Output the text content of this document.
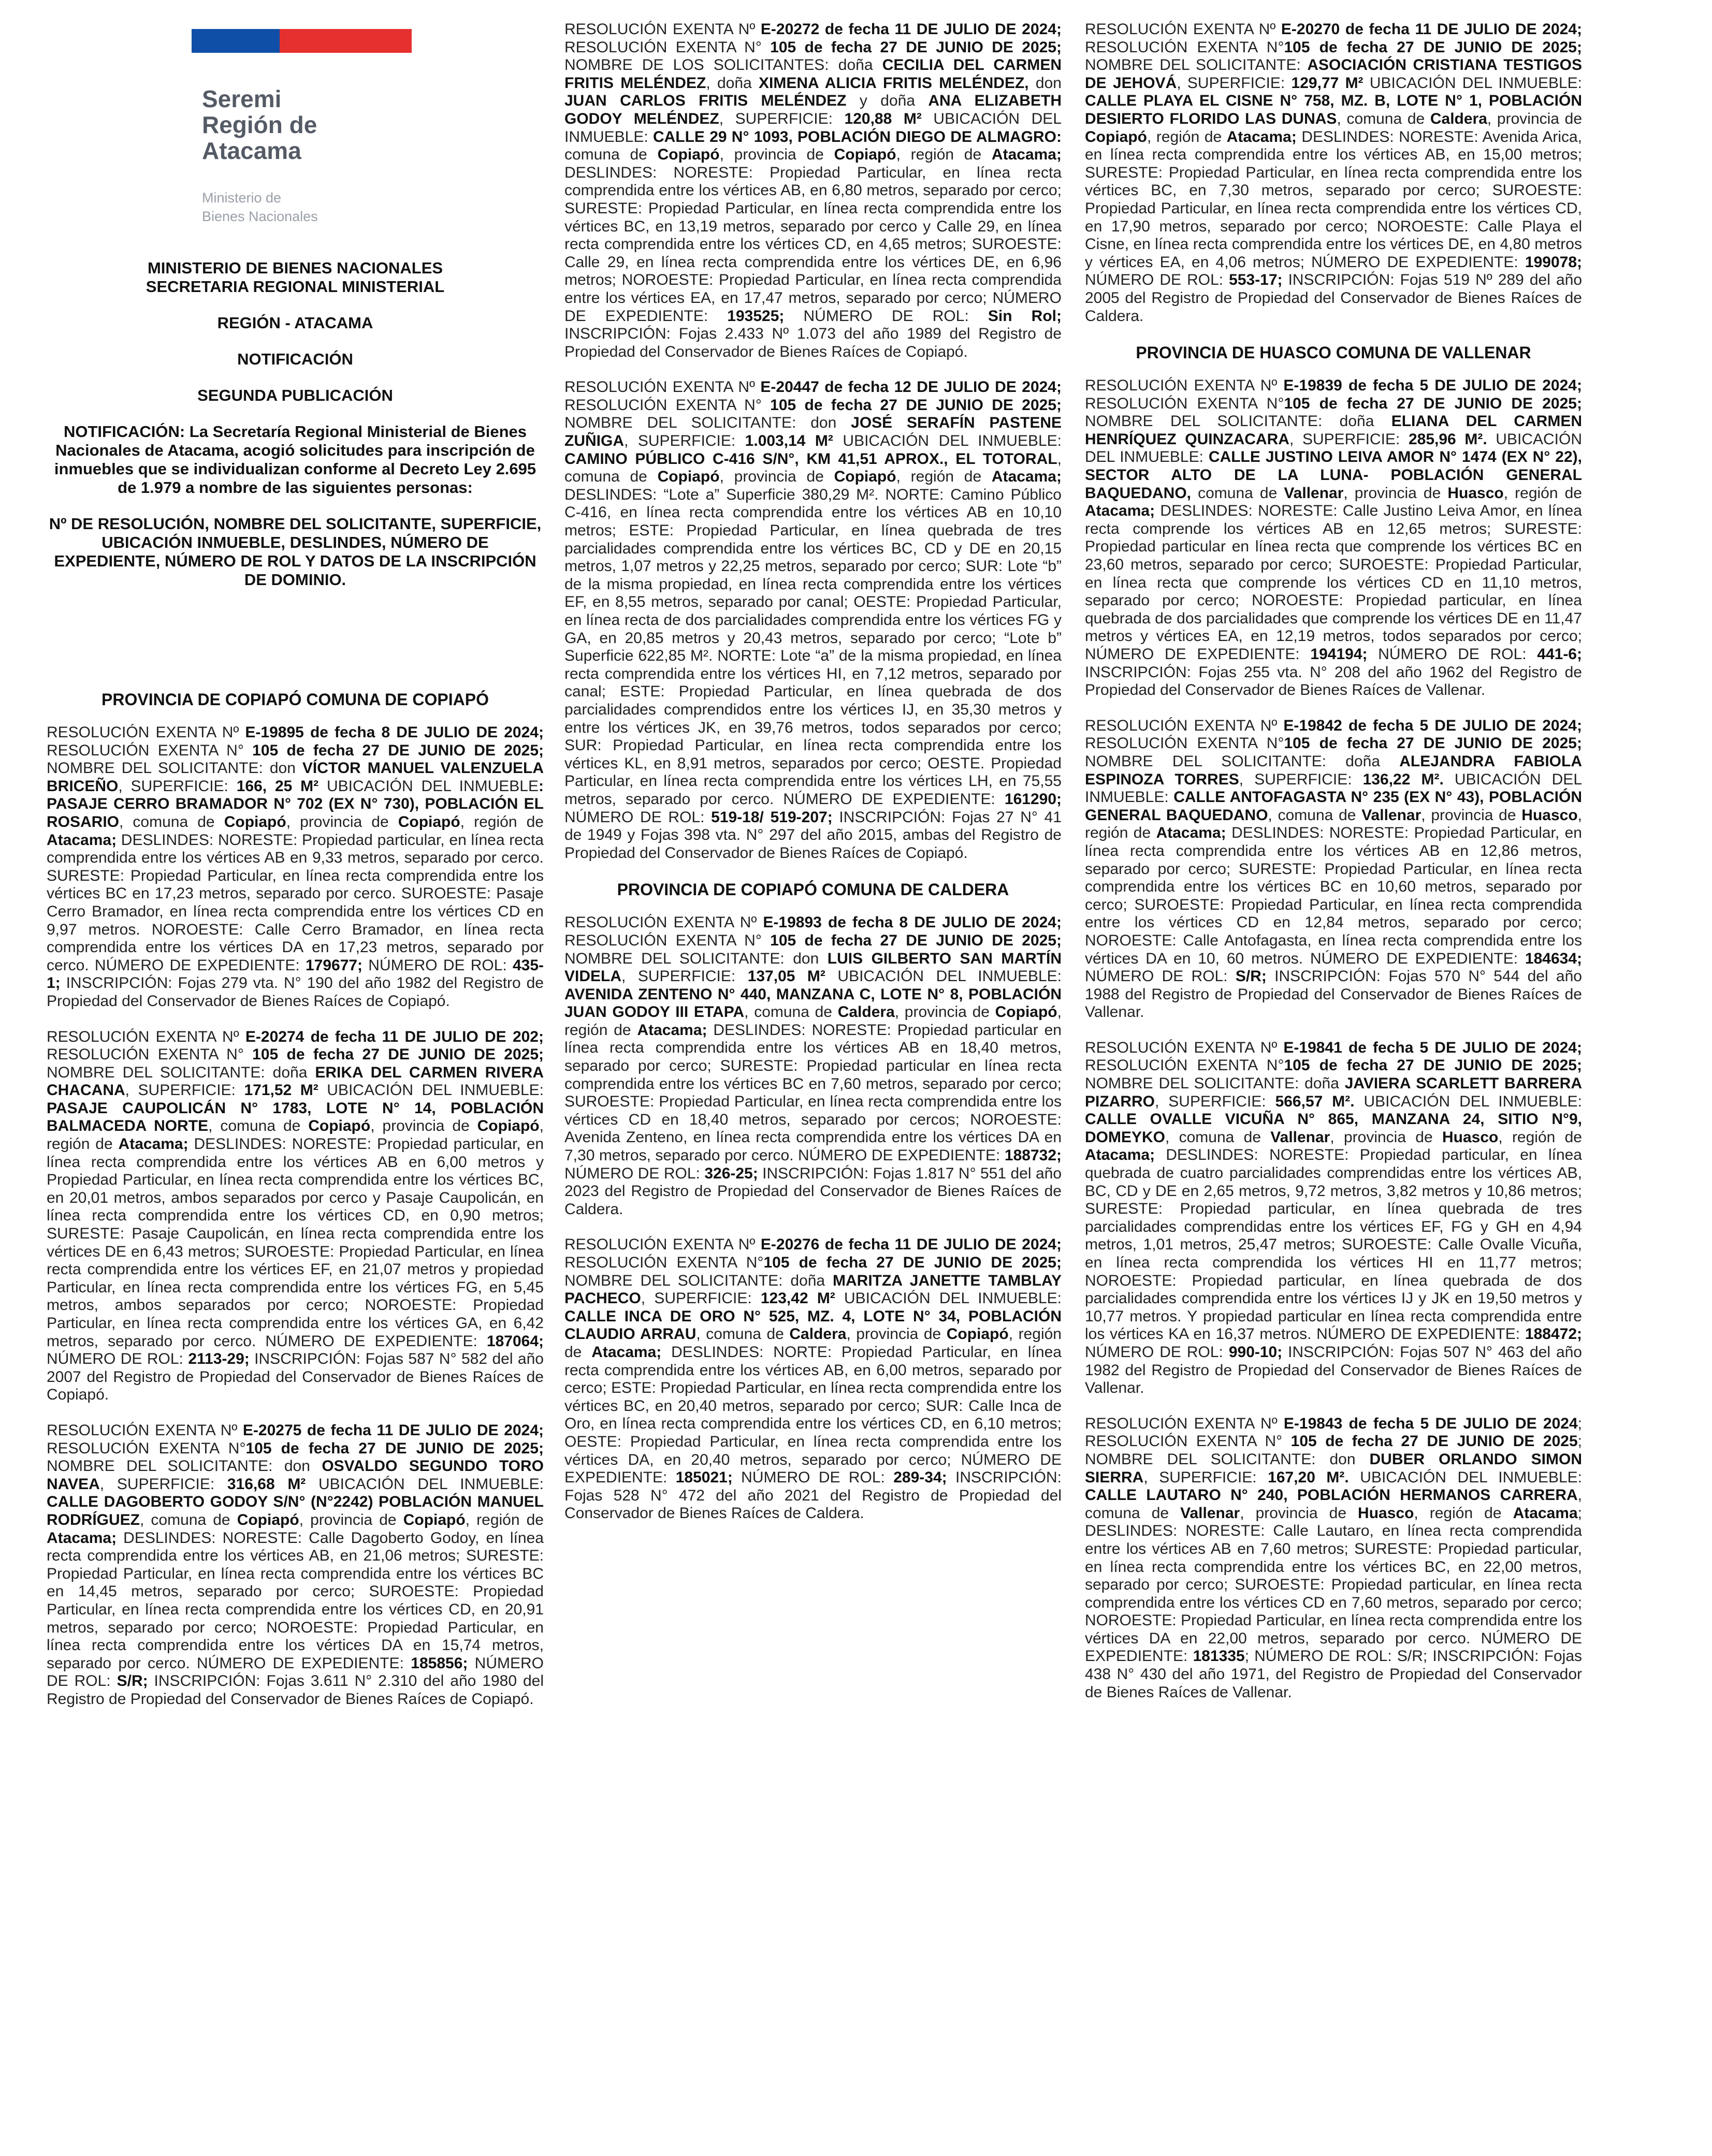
Seremi
Región de
Atacama
Ministerio de
Bienes Nacionales
MINISTERIO DE BIENES NACIONALES
SECRETARIA REGIONAL MINISTERIAL
REGIÓN - ATACAMA
NOTIFICACIÓN
SEGUNDA PUBLICACIÓN
NOTIFICACIÓN: La Secretaría Regional Ministerial de Bienes Nacionales de Atacama, acogió solicitudes para inscripción de inmuebles que se individualizan conforme al Decreto Ley 2.695 de 1.979 a nombre de las siguientes personas:
Nº DE RESOLUCIÓN, NOMBRE DEL SOLICITANTE, SUPERFICIE, UBICACIÓN INMUEBLE, DESLINDES, NÚMERO DE EXPEDIENTE, NÚMERO DE ROL Y DATOS DE LA INSCRIPCIÓN DE DOMINIO.
PROVINCIA DE COPIAPÓ COMUNA DE COPIAPÓ

RESOLUCIÓN EXENTA Nº E-19895 de fecha 8 DE JULIO DE 2024; RESOLUCIÓN EXENTA N° 105 de fecha 27 DE JUNIO DE 2025; NOMBRE DEL SOLICITANTE: don VÍCTOR MANUEL VALENZUELA BRICEÑO, SUPERFICIE: 166, 25 M² UBICACIÓN DEL INMUEBLE: PASAJE CERRO BRAMADOR N° 702 (EX N° 730), POBLACIÓN EL ROSARIO, comuna de Copiapó, provincia de Copiapó, región de Atacama; DESLINDES: NORESTE: Propiedad particular, en línea recta comprendida entre los vértices AB en 9,33 metros, separado por cerco. SURESTE: Propiedad Particular, en línea recta comprendida entre los vértices BC en 17,23 metros, separado por cerco. SUROESTE: Pasaje Cerro Bramador, en línea recta comprendida entre los vértices CD en 9,97 metros. NOROESTE: Calle Cerro Bramador, en línea recta comprendida entre los vértices DA en 17,23 metros, separado por cerco. NÚMERO DE EXPEDIENTE: 179677; NÚMERO DE ROL: 435-1; INSCRIPCIÓN: Fojas 279 vta. N° 190 del año 1982 del Registro de Propiedad del Conservador de Bienes Raíces de Copiapó.

RESOLUCIÓN EXENTA Nº E-20274 de fecha 11 DE JULIO DE 202; RESOLUCIÓN EXENTA N° 105 de fecha 27 DE JUNIO DE 2025; NOMBRE DEL SOLICITANTE: doña ERIKA DEL CARMEN RIVERA CHACANA, SUPERFICIE: 171,52 M² UBICACIÓN DEL INMUEBLE: PASAJE CAUPOLICÁN N° 1783, LOTE N° 14, POBLACIÓN BALMACEDA NORTE, comuna de Copiapó, provincia de Copiapó, región de Atacama; DESLINDES: NORESTE: Propiedad particular, en línea recta comprendida entre los vértices AB en 6,00 metros y Propiedad Particular, en línea recta comprendida entre los vértices BC, en 20,01 metros, ambos separados por cerco y Pasaje Caupolicán, en línea recta comprendida entre los vértices CD, en 0,90 metros; SURESTE: Pasaje Caupolicán, en línea recta comprendida entre los vértices DE en 6,43 metros; SUROESTE: Propiedad Particular, en línea recta comprendida entre los vértices EF, en 21,07 metros y propiedad Particular, en línea recta comprendida entre los vértices FG, en 5,45 metros, ambos separados por cerco; NOROESTE: Propiedad Particular, en línea recta comprendida entre los vértices GA, en 6,42 metros, separado por cerco. NÚMERO DE EXPEDIENTE: 187064; NÚMERO DE ROL: 2113-29; INSCRIPCIÓN: Fojas 587 N° 582 del año 2007 del Registro de Propiedad del Conservador de Bienes Raíces de Copiapó.

RESOLUCIÓN EXENTA Nº E-20275 de fecha 11 DE JULIO DE 2024; RESOLUCIÓN EXENTA N°105 de fecha 27 DE JUNIO DE 2025; NOMBRE DEL SOLICITANTE: don OSVALDO SEGUNDO TORO NAVEA, SUPERFICIE: 316,68 M² UBICACIÓN DEL INMUEBLE: CALLE DAGOBERTO GODOY S/N° (N°2242) POBLACIÓN MANUEL RODRÍGUEZ, comuna de Copiapó, provincia de Copiapó, región de Atacama; DESLINDES: NORESTE: Calle Dagoberto Godoy, en línea recta comprendida entre los vértices AB, en 21,06 metros; SURESTE: Propiedad Particular, en línea recta comprendida entre los vértices BC en 14,45 metros, separado por cerco; SUROESTE: Propiedad Particular, en línea recta comprendida entre los vértices CD, en 20,91 metros, separado por cerco; NOROESTE: Propiedad Particular, en línea recta comprendida entre los vértices DA en 15,74 metros, separado por cerco. NÚMERO DE EXPEDIENTE: 185856; NÚMERO DE ROL: S/R; INSCRIPCIÓN: Fojas 3.611 N° 2.310 del año 1980 del Registro de Propiedad del Conservador de Bienes Raíces de Copiapó.

RESOLUCIÓN EXENTA Nº E-20272 de fecha 11 DE JULIO DE 2024; RESOLUCIÓN EXENTA N° 105 de fecha 27 DE JUNIO DE 2025; NOMBRE DE LOS SOLICITANTES: doña CECILIA DEL CARMEN FRITIS MELÉNDEZ, doña XIMENA ALICIA FRITIS MELÉNDEZ, don JUAN CARLOS FRITIS MELÉNDEZ y doña ANA ELIZABETH GODOY MELÉNDEZ, SUPERFICIE: 120,88 M² UBICACIÓN DEL INMUEBLE: CALLE 29 N° 1093, POBLACIÓN DIEGO DE ALMAGRO: comuna de Copiapó, provincia de Copiapó, región de Atacama; DESLINDES: NORESTE: Propiedad Particular, en línea recta comprendida entre los vértices AB, en 6,80 metros, separado por cerco; SURESTE: Propiedad Particular, en línea recta comprendida entre los vértices BC, en 13,19 metros, separado por cerco y Calle 29, en línea recta comprendida entre los vértices CD, en 4,65 metros; SUROESTE: Calle 29, en línea recta comprendida entre los vértices DE, en 6,96 metros; NOROESTE: Propiedad Particular, en línea recta comprendida entre los vértices EA, en 17,47 metros, separado por cerco; NÚMERO DE EXPEDIENTE: 193525; NÚMERO DE ROL: Sin Rol; INSCRIPCIÓN: Fojas 2.433 Nº 1.073 del año 1989 del Registro de Propiedad del Conservador de Bienes Raíces de Copiapó.

RESOLUCIÓN EXENTA Nº E-20447 de fecha 12 DE JULIO DE 2024; RESOLUCIÓN EXENTA N° 105 de fecha 27 DE JUNIO DE 2025; NOMBRE DEL SOLICITANTE: don JOSÉ SERAFÍN PASTENE ZUÑIGA, SUPERFICIE: 1.003,14 M² UBICACIÓN DEL INMUEBLE: CAMINO PÚBLICO C-416 S/N°, KM 41,51 APROX., EL TOTORAL, comuna de Copiapó, provincia de Copiapó, región de Atacama; DESLINDES: “Lote a” Superficie 380,29 M². NORTE: Camino Público C-416, en línea recta comprendida entre los vértices AB en 10,10 metros; ESTE: Propiedad Particular, en línea quebrada de tres parcialidades comprendida entre los vértices BC, CD y DE en 20,15 metros, 1,07 metros y 22,25 metros, separado por cerco; SUR: Lote “b” de la misma propiedad, en línea recta comprendida entre los vértices EF, en 8,55 metros, separado por canal; OESTE: Propiedad Particular, en línea recta de dos parcialidades comprendida entre los vértices FG y GA, en 20,85 metros y 20,43 metros, separado por cerco; “Lote b” Superficie 622,85 M². NORTE: Lote “a” de la misma propiedad, en línea recta comprendida entre los vértices HI, en 7,12 metros, separado por canal; ESTE: Propiedad Particular, en línea quebrada de dos parcialidades comprendidos entre los vértices IJ, en 35,30 metros y entre los vértices JK, en 39,76 metros, todos separados por cerco; SUR: Propiedad Particular, en línea recta comprendida entre los vértices KL, en 8,91 metros, separados por cerco; OESTE. Propiedad Particular, en línea recta comprendida entre los vértices LH, en 75,55 metros, separado por cerco. NÚMERO DE EXPEDIENTE: 161290; NÚMERO DE ROL: 519-18/ 519-207; INSCRIPCIÓN: Fojas 27 N° 41 de 1949 y Fojas 398 vta. N° 297 del año 2015, ambas del Registro de Propiedad del Conservador de Bienes Raíces de Copiapó.

PROVINCIA DE COPIAPÓ COMUNA DE CALDERA

RESOLUCIÓN EXENTA Nº E-19893 de fecha 8 DE JULIO DE 2024; RESOLUCIÓN EXENTA N° 105 de fecha 27 DE JUNIO DE 2025; NOMBRE DEL SOLICITANTE: don LUIS GILBERTO SAN MARTÍN VIDELA, SUPERFICIE: 137,05 M² UBICACIÓN DEL INMUEBLE: AVENIDA ZENTENO N° 440, MANZANA C, LOTE N° 8, POBLACIÓN JUAN GODOY III ETAPA, comuna de Caldera, provincia de Copiapó, región de Atacama; DESLINDES: NORESTE: Propiedad particular en línea recta comprendida entre los vértices AB en 18,40 metros, separado por cerco; SURESTE: Propiedad particular en línea recta comprendida entre los vértices BC en 7,60 metros, separado por cerco; SUROESTE: Propiedad Particular, en línea recta comprendida entre los vértices CD en 18,40 metros, separado por cercos; NOROESTE: Avenida Zenteno, en línea recta comprendida entre los vértices DA en 7,30 metros, separado por cerco. NÚMERO DE EXPEDIENTE: 188732; NÚMERO DE ROL: 326-25; INSCRIPCIÓN: Fojas 1.817 N° 551 del año 2023 del Registro de Propiedad del Conservador de Bienes Raíces de Caldera.

RESOLUCIÓN EXENTA Nº E-20276 de fecha 11 DE JULIO DE 2024; RESOLUCIÓN EXENTA N°105 de fecha 27 DE JUNIO DE 2025; NOMBRE DEL SOLICITANTE: doña MARITZA JANETTE TAMBLAY PACHECO, SUPERFICIE: 123,42 M² UBICACIÓN DEL INMUEBLE: CALLE INCA DE ORO N° 525, MZ. 4, LOTE N° 34, POBLACIÓN CLAUDIO ARRAU, comuna de Caldera, provincia de Copiapó, región de Atacama; DESLINDES: NORTE: Propiedad Particular, en línea recta comprendida entre los vértices AB, en 6,00 metros, separado por cerco; ESTE: Propiedad Particular, en línea recta comprendida entre los vértices BC, en 20,40 metros, separado por cerco; SUR: Calle Inca de Oro, en línea recta comprendida entre los vértices CD, en 6,10 metros; OESTE: Propiedad Particular, en línea recta comprendida entre los vértices DA, en 20,40 metros, separado por cerco; NÚMERO DE EXPEDIENTE: 185021; NÚMERO DE ROL: 289-34; INSCRIPCIÓN: Fojas 528 N° 472 del año 2021 del Registro de Propiedad del Conservador de Bienes Raíces de Caldera.

RESOLUCIÓN EXENTA Nº E-20270 de fecha 11 DE JULIO DE 2024; RESOLUCIÓN EXENTA N°105 de fecha 27 DE JUNIO DE 2025; NOMBRE DEL SOLICITANTE: ASOCIACIÓN CRISTIANA TESTIGOS DE JEHOVÁ, SUPERFICIE: 129,77 M² UBICACIÓN DEL INMUEBLE: CALLE PLAYA EL CISNE N° 758, MZ. B, LOTE N° 1, POBLACIÓN DESIERTO FLORIDO LAS DUNAS, comuna de Caldera, provincia de Copiapó, región de Atacama; DESLINDES: NORESTE: Avenida Arica, en línea recta comprendida entre los vértices AB, en 15,00 metros; SURESTE: Propiedad Particular, en línea recta comprendida entre los vértices BC, en 7,30 metros, separado por cerco; SUROESTE: Propiedad Particular, en línea recta comprendida entre los vértices CD, en 17,90 metros, separado por cerco; NOROESTE: Calle Playa el Cisne, en línea recta comprendida entre los vértices DE, en 4,80 metros y vértices EA, en 4,06 metros; NÚMERO DE EXPEDIENTE: 199078; NÚMERO DE ROL: 553-17; INSCRIPCIÓN: Fojas 519 Nº 289 del año 2005 del Registro de Propiedad del Conservador de Bienes Raíces de Caldera.

PROVINCIA DE HUASCO COMUNA DE VALLENAR

RESOLUCIÓN EXENTA Nº E-19839 de fecha 5 DE JULIO DE 2024; RESOLUCIÓN EXENTA N°105 de fecha 27 DE JUNIO DE 2025; NOMBRE DEL SOLICITANTE: doña ELIANA DEL CARMEN HENRÍQUEZ QUINZACARA, SUPERFICIE: 285,96 M². UBICACIÓN DEL INMUEBLE: CALLE JUSTINO LEIVA AMOR N° 1474 (EX N° 22), SECTOR ALTO DE LA LUNA- POBLACIÓN GENERAL BAQUEDANO, comuna de Vallenar, provincia de Huasco, región de Atacama; DESLINDES: NORESTE: Calle Justino Leiva Amor, en línea recta comprende los vértices AB en 12,65 metros; SURESTE: Propiedad particular en línea recta que comprende los vértices BC en 23,60 metros, separado por cerco; SUROESTE: Propiedad Particular, en línea recta que comprende los vértices CD en 11,10 metros, separado por cerco; NOROESTE: Propiedad particular, en línea quebrada de dos parcialidades que comprende los vértices DE en 11,47 metros y vértices EA, en 12,19 metros, todos separados por cerco; NÚMERO DE EXPEDIENTE: 194194; NÚMERO DE ROL: 441-6; INSCRIPCIÓN: Fojas 255 vta. N° 208 del año 1962 del Registro de Propiedad del Conservador de Bienes Raíces de Vallenar.

RESOLUCIÓN EXENTA Nº E-19842 de fecha 5 DE JULIO DE 2024; RESOLUCIÓN EXENTA N°105 de fecha 27 DE JUNIO DE 2025; NOMBRE DEL SOLICITANTE: doña ALEJANDRA FABIOLA ESPINOZA TORRES, SUPERFICIE: 136,22 M². UBICACIÓN DEL INMUEBLE: CALLE ANTOFAGASTA N° 235 (EX N° 43), POBLACIÓN GENERAL BAQUEDANO, comuna de Vallenar, provincia de Huasco, región de Atacama; DESLINDES: NORESTE: Propiedad Particular, en línea recta comprendida entre los vértices AB en 12,86 metros, separado por cerco; SURESTE: Propiedad Particular, en línea recta comprendida entre los vértices BC en 10,60 metros, separado por cerco; SUROESTE: Propiedad Particular, en línea recta comprendida entre los vértices CD en 12,84 metros, separado por cerco; NOROESTE: Calle Antofagasta, en línea recta comprendida entre los vértices DA en 10, 60 metros. NÚMERO DE EXPEDIENTE: 184634; NÚMERO DE ROL: S/R; INSCRIPCIÓN: Fojas 570 N° 544 del año 1988 del Registro de Propiedad del Conservador de Bienes Raíces de Vallenar.

RESOLUCIÓN EXENTA Nº E-19841 de fecha 5 DE JULIO DE 2024; RESOLUCIÓN EXENTA N°105 de fecha 27 DE JUNIO DE 2025; NOMBRE DEL SOLICITANTE: doña JAVIERA SCARLETT BARRERA PIZARRO, SUPERFICIE: 566,57 M². UBICACIÓN DEL INMUEBLE: CALLE OVALLE VICUÑA N° 865, MANZANA 24, SITIO N°9, DOMEYKO, comuna de Vallenar, provincia de Huasco, región de Atacama; DESLINDES: NORESTE: Propiedad particular, en línea quebrada de cuatro parcialidades comprendidas entre los vértices AB, BC, CD y DE en 2,65 metros, 9,72 metros, 3,82 metros y 10,86 metros; SURESTE: Propiedad particular, en línea quebrada de tres parcialidades comprendidas entre los vértices EF, FG y GH en 4,94 metros, 1,01 metros, 25,47 metros; SUROESTE: Calle Ovalle Vicuña, en línea recta comprendida los vértices HI en 11,77 metros; NOROESTE: Propiedad particular, en línea quebrada de dos parcialidades comprendida entre los vértices IJ y JK en 19,50 metros y 10,77 metros. Y propiedad particular en línea recta comprendida entre los vértices KA en 16,37 metros. NÚMERO DE EXPEDIENTE: 188472; NÚMERO DE ROL: 990-10; INSCRIPCIÓN: Fojas 507 N° 463 del año 1982 del Registro de Propiedad del Conservador de Bienes Raíces de Vallenar.

RESOLUCIÓN EXENTA Nº E-19843 de fecha 5 DE JULIO DE 2024; RESOLUCIÓN EXENTA N° 105 de fecha 27 DE JUNIO DE 2025; NOMBRE DEL SOLICITANTE: don DUBER ORLANDO SIMON SIERRA, SUPERFICIE: 167,20 M². UBICACIÓN DEL INMUEBLE: CALLE LAUTARO N° 240, POBLACIÓN HERMANOS CARRERA, comuna de Vallenar, provincia de Huasco, región de Atacama; DESLINDES: NORESTE: Calle Lautaro, en línea recta comprendida entre los vértices AB en 7,60 metros; SURESTE: Propiedad particular, en línea recta comprendida entre los vértices BC, en 22,00 metros, separado por cerco; SUROESTE: Propiedad particular, en línea recta comprendida entre los vértices CD en 7,60 metros, separado por cerco; NOROESTE: Propiedad Particular, en línea recta comprendida entre los vértices DA en 22,00 metros, separado por cerco. NÚMERO DE EXPEDIENTE: 181335; NÚMERO DE ROL: S/R; INSCRIPCIÓN: Fojas 438 N° 430 del año 1971, del Registro de Propiedad del Conservador de Bienes Raíces de Vallenar.
